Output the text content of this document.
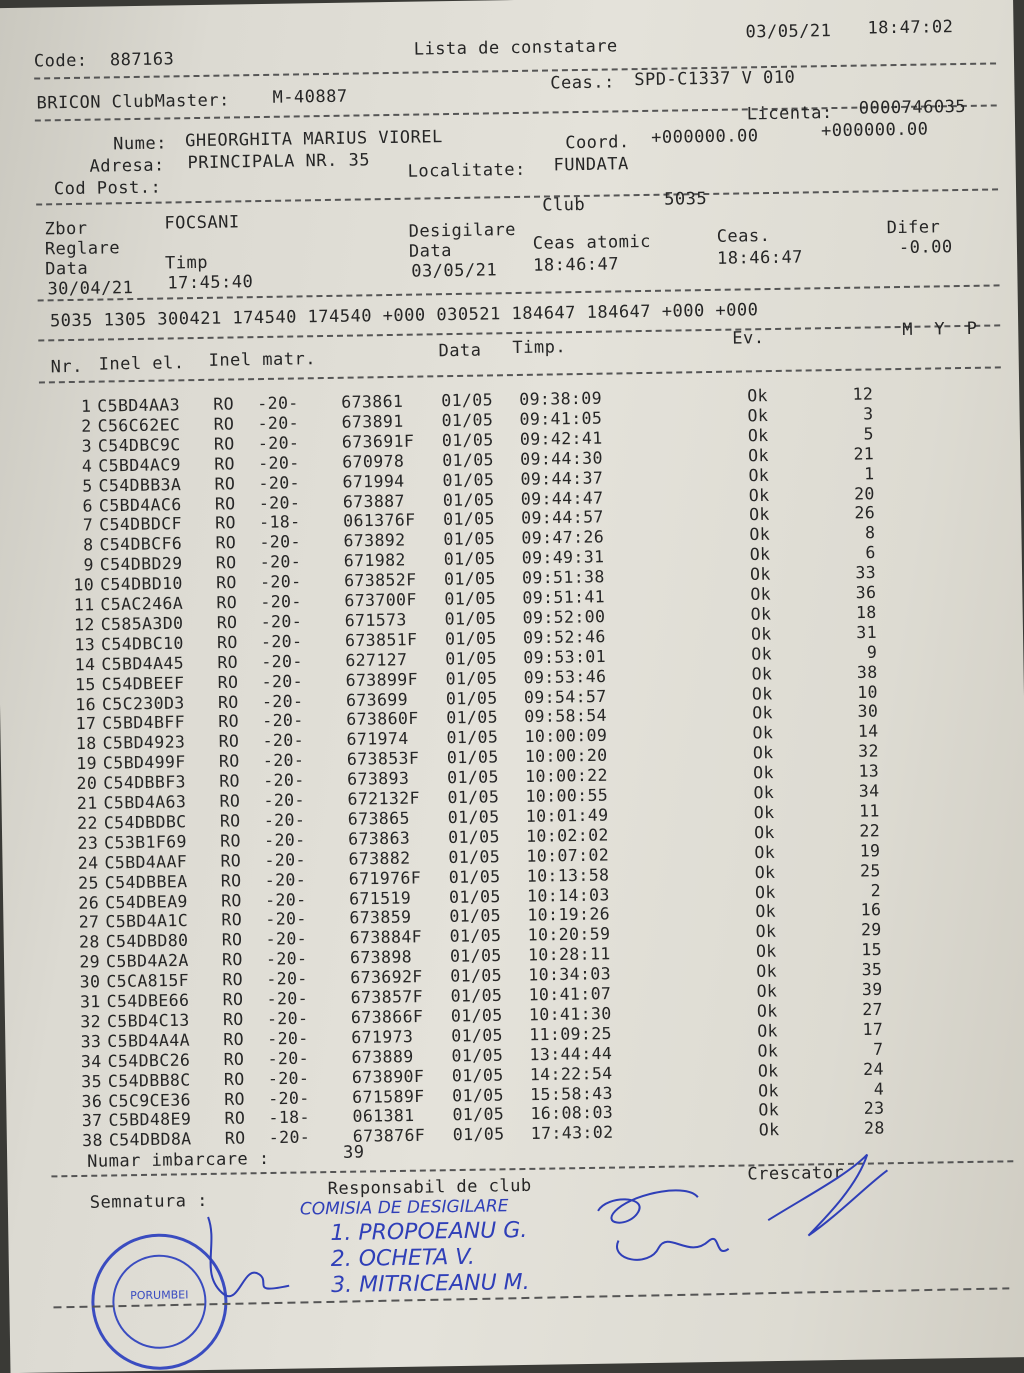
Code: 887163
Lista de constatare
03/05/21 18:47:02
BRICON ClubMaster: M-40887
Ceas.: SPD-C1337 V 010
Licenta: 0000746035
Nume: GHEORGHITA MARIUS VIOREL	Coord. +000000.00	+000000.00
Adresa: PRINCIPALA NR. 35
Cod Post.:
Localitate: FUNDATA
Zbor	FOCSANI
Club	5035
Reglare
Desigilare
Data	Timp
Data	Ceas atomic	Ceas.	Difer
30/04/21 17:45:40
03/05/21 18:46:47	18:46:47	-0.00
5035 1305 300421 174540 174540 +000 030521 184647 184647 +000 +000
Nr. Inel el. Inel matr.	Data Timp.	Ev.	M  Y  P
1 C5BD4AA3 RO -20-	673861 01/05 09:38:09	Ok	12
2 C56C62EC RO -20-	673891 01/05 09:41:05	Ok	3
3 C54DBC9C RO -20-	673691F 01/05 09:42:41	Ok	5
4 C5BD4AC9 RO -20-	670978 01/05 09:44:30	Ok	21
5 C54DBB3A RO -20-	671994 01/05 09:44:37	Ok	1
6 C5BD4AC6 RO -20-	673887 01/05 09:44:47	Ok	20
7 C54DBDCF RO -18-	061376F 01/05 09:44:57	Ok	26
8 C54DBCF6 RO -20-	673892 01/05 09:47:26	Ok	8
9 C54DBD29 RO -20-	671982 01/05 09:49:31	Ok	6
10 C54DBD10 RO -20-	673852F 01/05 09:51:38	Ok	33
11 C5AC246A RO -20-	673700F 01/05 09:51:41	Ok	36
12 C585A3D0 RO -20-	671573 01/05 09:52:00	Ok	18
13 C54DBC10 RO -20-	673851F 01/05 09:52:46	Ok	31
14 C5BD4A45 RO -20-	627127 01/05 09:53:01	Ok	9
15 C54DBEEF RO -20-	673899F 01/05 09:53:46	Ok	38
16 C5C230D3 RO -20-	673699 01/05 09:54:57	Ok	10
17 C5BD4BFF RO -20-	673860F 01/05 09:58:54	Ok	30
18 C5BD4923 RO -20-	671974 01/05 10:00:09	Ok	14
19 C5BD499F RO -20-	673853F 01/05 10:00:20	Ok	32
20 C54DBBF3 RO -20-	673893 01/05 10:00:22	Ok	13
21 C5BD4A63 RO -20-	672132F 01/05 10:00:55	Ok	34
22 C54DBDBC RO -20-	673865 01/05 10:01:49	Ok	11
23 C53B1F69 RO -20-	673863 01/05 10:02:02	Ok	22
24 C5BD4AAF RO -20-	673882 01/05 10:07:02	Ok	19
25 C54DBBEA RO -20-	671976F 01/05 10:13:58	Ok	25
26 C54DBEA9 RO -20-	671519 01/05 10:14:03	Ok	2
27 C5BD4A1C RO -20-	673859 01/05 10:19:26	Ok	16
28 C54DBD80 RO -20-	673884F 01/05 10:20:59	Ok	29
29 C5BD4A2A RO -20-	673898 01/05 10:28:11	Ok	15
30 C5CA815F RO -20-	673692F 01/05 10:34:03	Ok	35
31 C54DBE66 RO -20-	673857F 01/05 10:41:07	Ok	39
32 C5BD4C13 RO -20-	673866F 01/05 10:41:30	Ok	27
33 C5BD4A4A RO -20-	671973 01/05 11:09:25	Ok	17
34 C54DBC26 RO -20-	673889 01/05 13:44:44	Ok	7
35 C54DBB8C RO -20-	673890F 01/05 14:22:54	Ok	24
36 C5C9CE36 RO -20-	671589F 01/05 15:58:43	Ok	4
37 C5BD48E9 RO -18-	061381 01/05 16:08:03	Ok	23
38 C54DBD8A RO -20-	673876F 01/05 17:43:02	Ok	28
Numar imbarcare :	39
Semnatura :
Responsabil de club
Crescator
COMISIA DE DESIGILARE
1. PROPOEANU G.
2. OCHETA V.
3. MITRICEANU M.
PORUMBEI
